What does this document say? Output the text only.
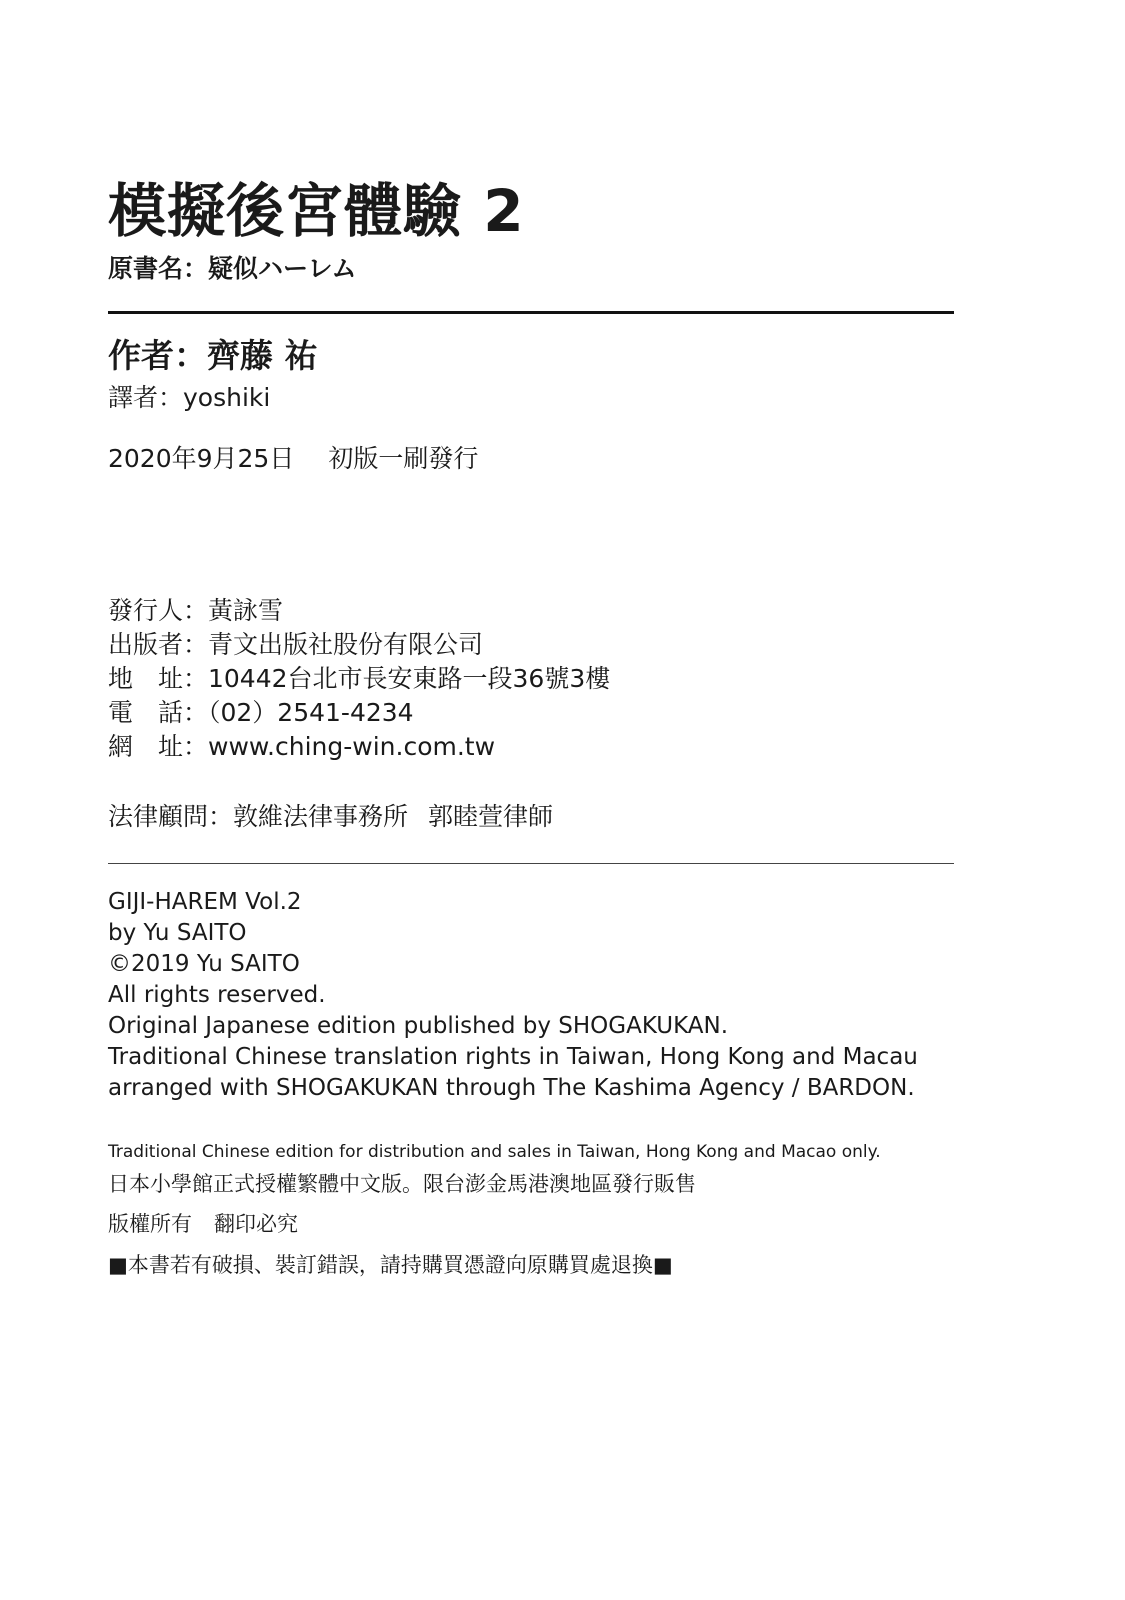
模擬後宮體驗 2
原書名：疑似ハーレム
作者：齊藤 祐
譯者：yoshiki
2020年9月25日 初版一刷發行
發行人：黃詠雪
出版者：青文出版社股份有限公司
地　址：10442台北市長安東路一段36號3樓
電　話：（02）2541-4234
網　址：www.ching-win.com.tw
法律顧問：敦維法律事務所 郭睦萱律師
GIJI-HAREM Vol.2
by Yu SAITO
©2019 Yu SAITO
All rights reserved.
Original Japanese edition published by SHOGAKUKAN.
Traditional Chinese translation rights in Taiwan, Hong Kong and Macau
arranged with SHOGAKUKAN through The Kashima Agency / BARDON.
Traditional Chinese edition for distribution and sales in Taiwan, Hong Kong and Macao only.
日本小學館正式授權繁體中文版。限台澎金馬港澳地區發行販售
版權所有 翻印必究
■本書若有破損、裝訂錯誤，請持購買憑證向原購買處退換■
